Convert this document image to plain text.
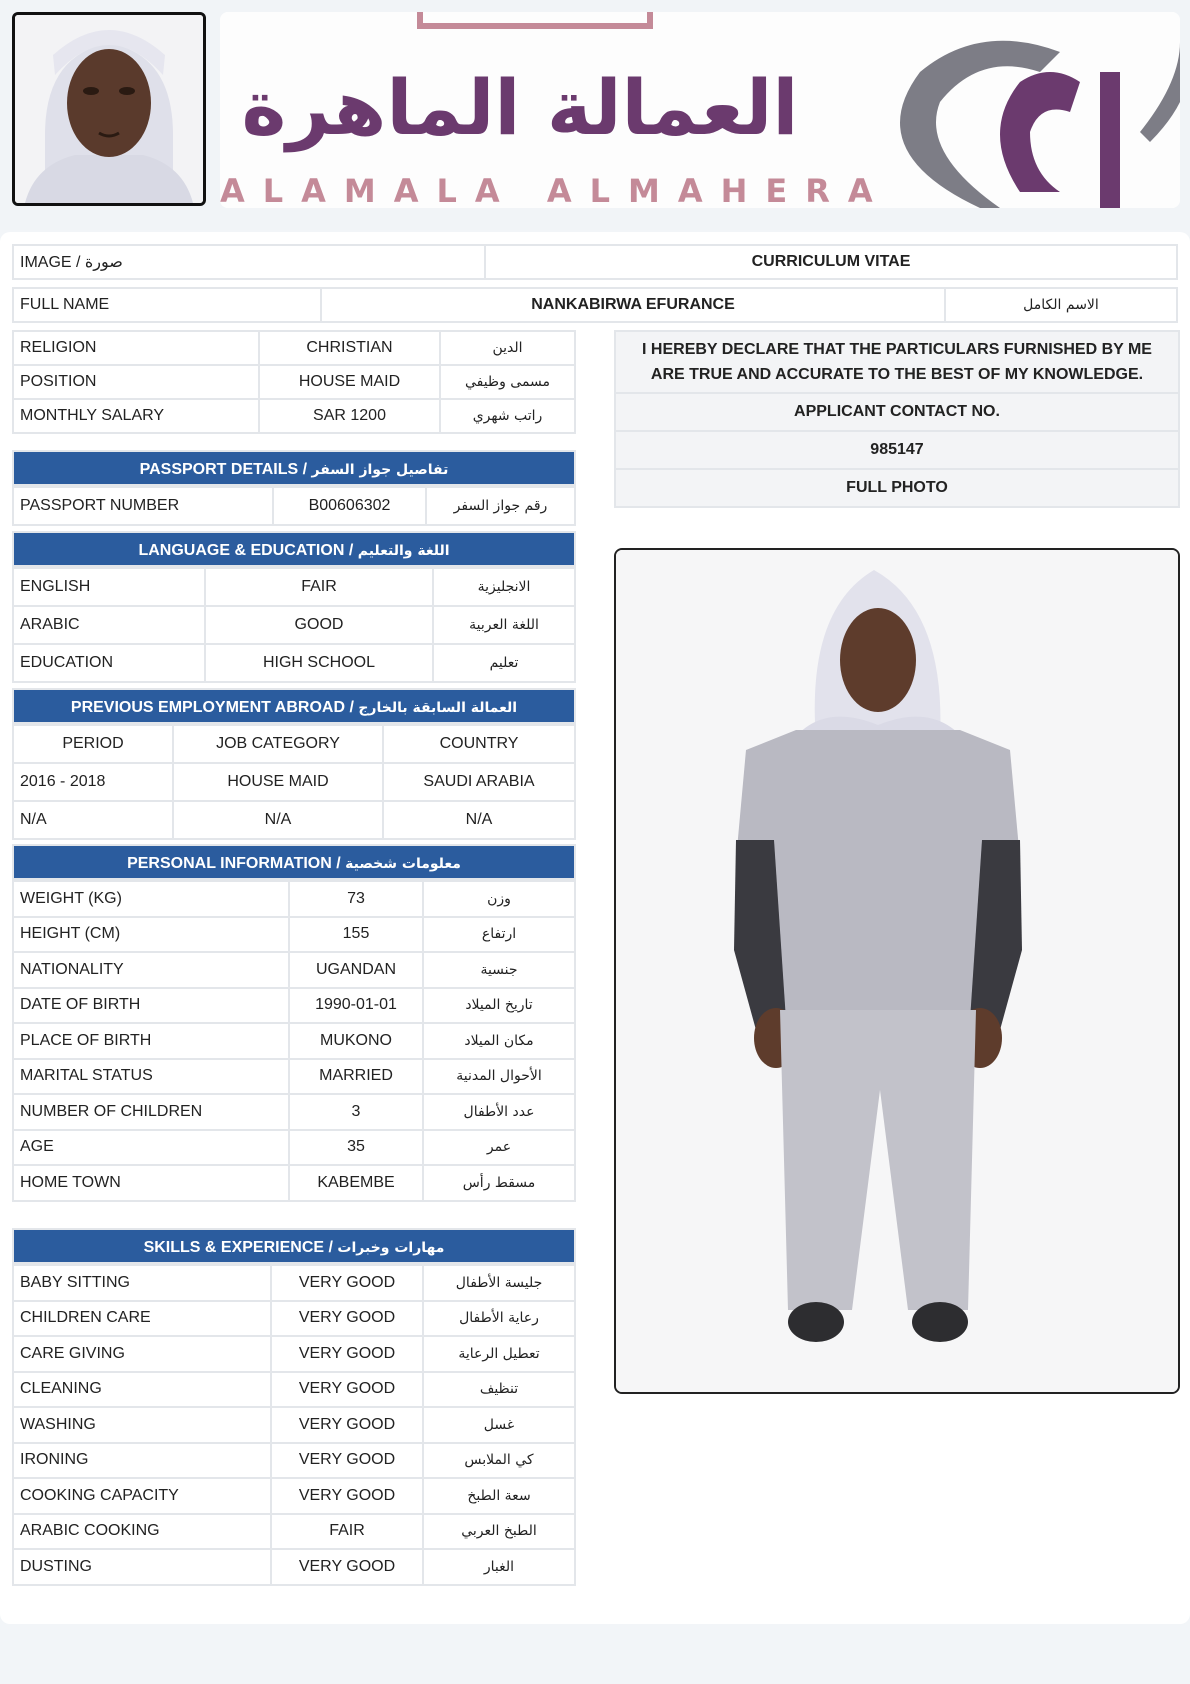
العمالة الماهرة
ALAMALA ALMAHERA
IMAGE / صورة	CURRICULUM VITAE
FULL NAME	NANKABIRWA EFURANCE	الاسم الكامل
RELIGION	CHRISTIAN	الدين
POSITION	HOUSE MAID	مسمى وظيفي
MONTHLY SALARY	SAR 1200	راتب شهري
I HEREBY DECLARE THAT THE PARTICULARS FURNISHED BY ME ARE TRUE AND ACCURATE TO THE BEST OF MY KNOWLEDGE.
APPLICANT CONTACT NO.
985147
FULL PHOTO
PASSPORT DETAILS / تفاصيل جواز السفر
PASSPORT NUMBER	B00606302	رقم جواز السفر
LANGUAGE & EDUCATION / اللغة والتعليم
ENGLISH	FAIR	الانجليزية
ARABIC	GOOD	اللغة العربية
EDUCATION	HIGH SCHOOL	تعليم
PREVIOUS EMPLOYMENT ABROAD / العمالة السابقة بالخارج
PERIOD	JOB CATEGORY	COUNTRY
2016 - 2018	HOUSE MAID	SAUDI ARABIA
N/A	N/A	N/A
PERSONAL INFORMATION / معلومات شخصية
WEIGHT (KG)	73	وزن
HEIGHT (CM)	155	ارتفاع
NATIONALITY	UGANDAN	جنسية
DATE OF BIRTH	1990-01-01	تاريخ الميلاد
PLACE OF BIRTH	MUKONO	مكان الميلاد
MARITAL STATUS	MARRIED	الأحوال المدنية
NUMBER OF CHILDREN	3	عدد الأطفال
AGE	35	عمر
HOME TOWN	KABEMBE	مسقط رأس
SKILLS & EXPERIENCE / مهارات وخبرات
BABY SITTING	VERY GOOD	جليسة الأطفال
CHILDREN CARE	VERY GOOD	رعاية الأطفال
CARE GIVING	VERY GOOD	تعطيل الرعاية
CLEANING	VERY GOOD	تنظيف
WASHING	VERY GOOD	غسل
IRONING	VERY GOOD	كي الملابس
COOKING CAPACITY	VERY GOOD	سعة الطبخ
ARABIC COOKING	FAIR	الطبخ العربي
DUSTING	VERY GOOD	الغبار
